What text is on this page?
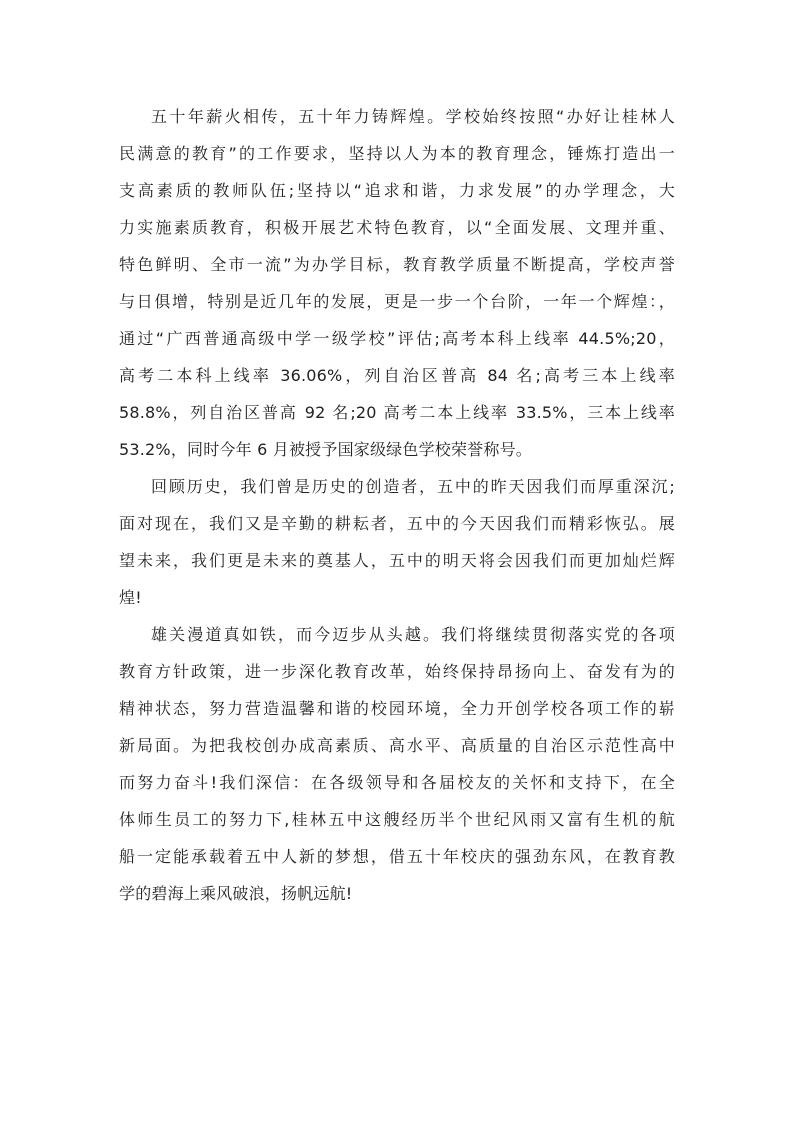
五十年薪火相传，五十年力铸辉煌。学校始终按照“办好让桂林人
民满意的教育”的工作要求，坚持以人为本的教育理念，锤炼打造出一
支高素质的教师队伍;坚持以“追求和谐，力求发展”的办学理念，大
力实施素质教育，积极开展艺术特色教育，以“全面发展、文理并重、
特色鲜明、全市一流”为办学目标，教育教学质量不断提高，学校声誉
与日俱增，特别是近几年的发展，更是一步一个台阶，一年一个辉煌：，
通过“广西普通高级中学一级学校”评估;高考本科上线率 44.5%;20，
高考二本科上线率 36.06%，列自治区普高 84 名;高考三本上线率
58.8%，列自治区普高 92 名;20 高考二本上线率 33.5%，三本上线率
53.2%，同时今年 6 月被授予国家级绿色学校荣誉称号。
回顾历史，我们曾是历史的创造者，五中的昨天因我们而厚重深沉;
面对现在，我们又是辛勤的耕耘者，五中的今天因我们而精彩恢弘。展
望未来，我们更是未来的奠基人，五中的明天将会因我们而更加灿烂辉
煌!
雄关漫道真如铁，而今迈步从头越。我们将继续贯彻落实党的各项
教育方针政策，进一步深化教育改革，始终保持昂扬向上、奋发有为的
精神状态，努力营造温馨和谐的校园环境，全力开创学校各项工作的崭
新局面。为把我校创办成高素质、高水平、高质量的自治区示范性高中
而努力奋斗!我们深信：在各级领导和各届校友的关怀和支持下，在全
体师生员工的努力下,桂林五中这艘经历半个世纪风雨又富有生机的航
船一定能承载着五中人新的梦想，借五十年校庆的强劲东风，在教育教
学的碧海上乘风破浪，扬帆远航!
